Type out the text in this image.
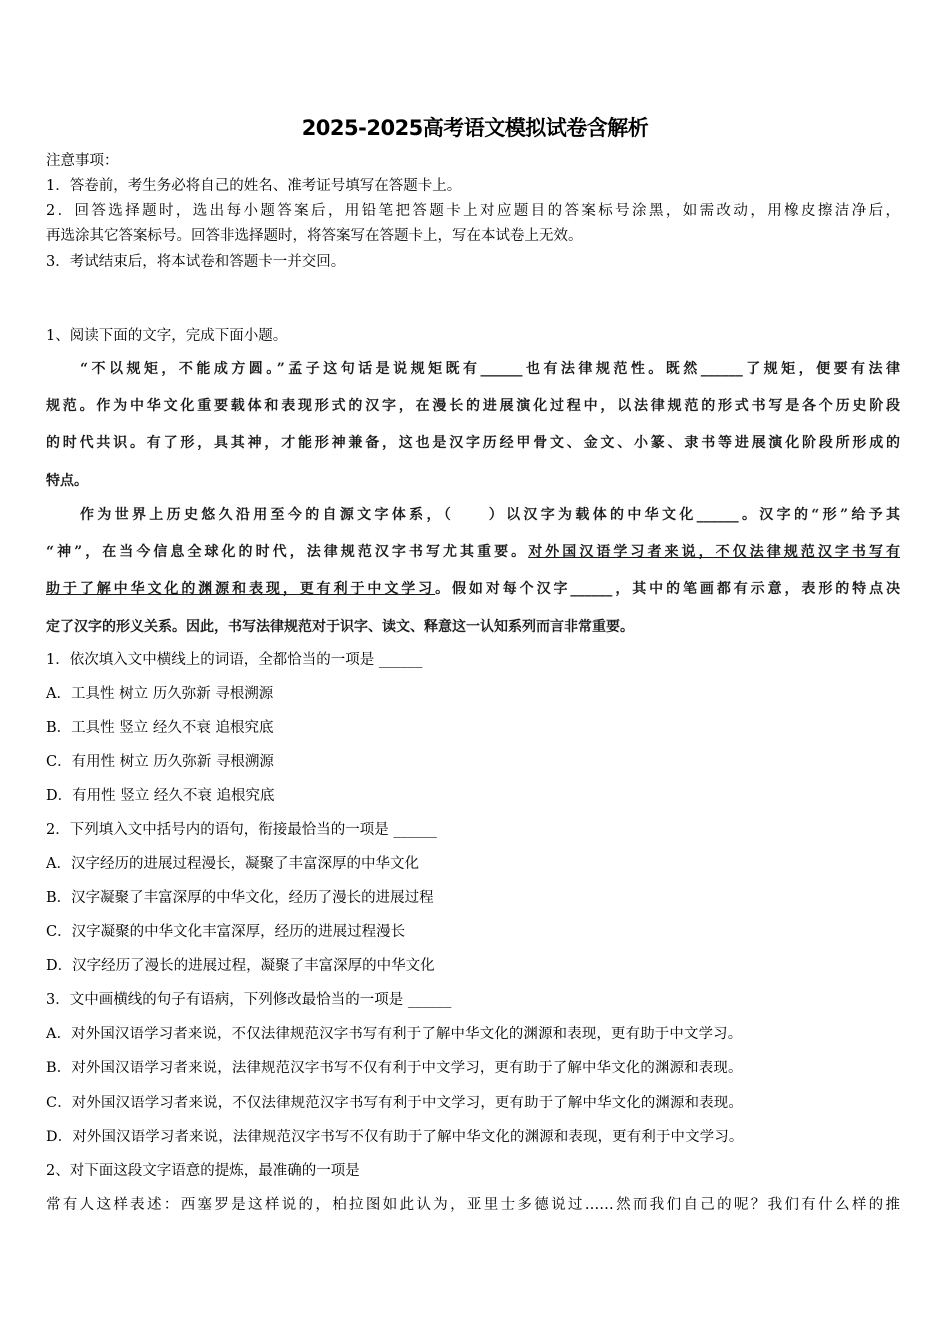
2025-2025高考语文模拟试卷含解析
注意事项：
1．答卷前，考生务必将自己的姓名、准考证号填写在答题卡上。
2．回答选择题时，选出每小题答案后，用铅笔把答题卡上对应题目的答案标号涂黑，如需改动，用橡皮擦洁净后，
再选涂其它答案标号。回答非选择题时，将答案写在答题卡上，写在本试卷上无效。
3．考试结束后，将本试卷和答题卡一并交回。
1、阅读下面的文字，完成下面小题。
“不以规矩，不能成方圆。”孟子这句话是说规矩既有______也有法律规范性。既然______了规矩，便要有法律
规范。作为中华文化重要载体和表现形式的汉字，在漫长的进展演化过程中，以法律规范的形式书写是各个历史阶段
的时代共识。有了形，具其神，才能形神兼备，这也是汉字历经甲骨文、金文、小篆、隶书等进展演化阶段所形成的
特点。
作为世界上历史悠久沿用至今的自源文字体系，（　　）以汉字为载体的中华文化______。汉字的“形”给予其
“神”，在当今信息全球化的时代，法律规范汉字书写尤其重要。对外国汉语学习者来说，不仅法律规范汉字书写有
助于了解中华文化的渊源和表现，更有利于中文学习。假如对每个汉字______，其中的笔画都有示意，表形的特点决
定了汉字的形义关系。因此，书写法律规范对于识字、读文、释意这一认知系列而言非常重要。
1．依次填入文中横线上的词语，全都恰当的一项是 ______
A．工具性 树立 历久弥新 寻根溯源
B．工具性 竖立 经久不衰 追根究底
C．有用性 树立 历久弥新 寻根溯源
D．有用性 竖立 经久不衰 追根究底
2．下列填入文中括号内的语句，衔接最恰当的一项是 ______
A．汉字经历的进展过程漫长，凝聚了丰富深厚的中华文化
B．汉字凝聚了丰富深厚的中华文化，经历了漫长的进展过程
C．汉字凝聚的中华文化丰富深厚，经历的进展过程漫长
D．汉字经历了漫长的进展过程，凝聚了丰富深厚的中华文化
3．文中画横线的句子有语病，下列修改最恰当的一项是 ______
A．对外国汉语学习者来说，不仅法律规范汉字书写有利于了解中华文化的渊源和表现，更有助于中文学习。
B．对外国汉语学习者来说，法律规范汉字书写不仅有利于中文学习，更有助于了解中华文化的渊源和表现。
C．对外国汉语学习者来说，不仅法律规范汉字书写有利于中文学习，更有助于了解中华文化的渊源和表现。
D．对外国汉语学习者来说，法律规范汉字书写不仅有助于了解中华文化的渊源和表现，更有利于中文学习。
2、对下面这段文字语意的提炼，最准确的一项是
常有人这样表述：西塞罗是这样说的，柏拉图如此认为，亚里士多德说过……然而我们自己的呢？我们有什么样的推
